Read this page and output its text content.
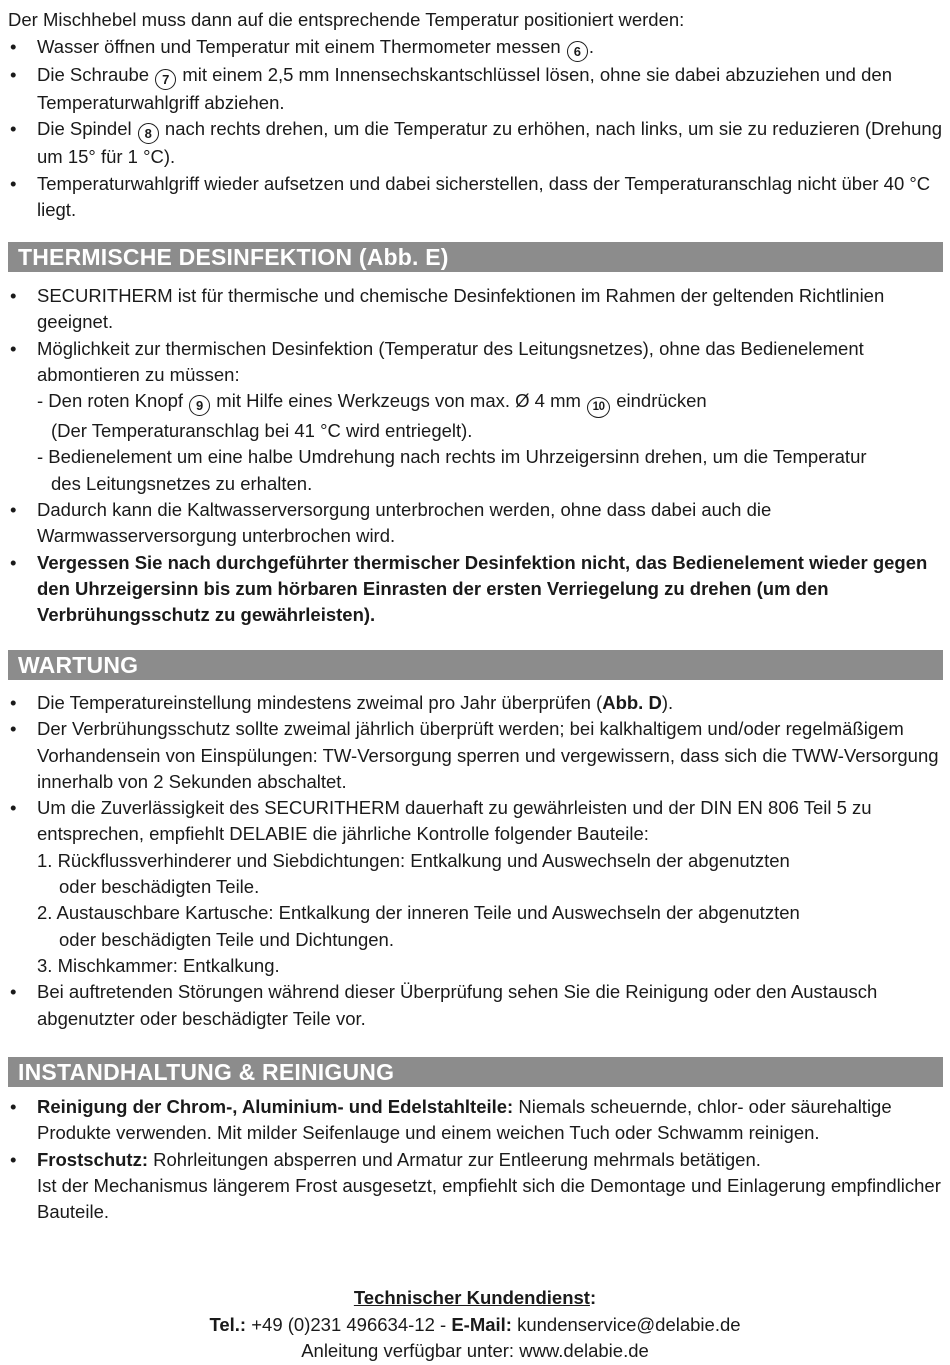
Der Mischhebel muss dann auf die entsprechende Temperatur positioniert werden:
• Wasser öffnen und Temperatur mit einem Thermometer messen 6 .
• Die Schraube 7 mit einem 2,5 mm Innensechskantschlüssel lösen, ohne sie dabei abzuziehen und den Temperaturwahlgriff abziehen.
• Die Spindel 8 nach rechts drehen, um die Temperatur zu erhöhen, nach links, um sie zu reduzieren (Drehung um 15° für 1 °C).
• Temperaturwahlgriff wieder aufsetzen und dabei sicherstellen, dass der Temperaturanschlag nicht über 40 °C liegt.
THERMISCHE DESINFEKTION (Abb. E)
• SECURITHERM ist für thermische und chemische Desinfektionen im Rahmen der geltenden Richtlinien geeignet.
• Möglichkeit zur thermischen Desinfektion (Temperatur des Leitungsnetzes), ohne das Bedienelement abmontieren zu müssen:
- Den roten Knopf 9 mit Hilfe eines Werkzeugs von max. Ø 4 mm 10 eindrücken
(Der Temperaturanschlag bei 41 °C wird entriegelt).
- Bedienelement um eine halbe Umdrehung nach rechts im Uhrzeigersinn drehen, um die Temperatur
des Leitungsnetzes zu erhalten.
• Dadurch kann die Kaltwasserversorgung unterbrochen werden, ohne dass dabei auch die Warmwasserversorgung unterbrochen wird.
• Vergessen Sie nach durchgeführter thermischer Desinfektion nicht, das Bedienelement wieder gegen den Uhrzeigersinn bis zum hörbaren Einrasten der ersten Verriegelung zu drehen (um den Verbrühungsschutz zu gewährleisten).
WARTUNG
• Die Temperatureinstellung mindestens zweimal pro Jahr überprüfen (Abb. D).
• Der Verbrühungsschutz sollte zweimal jährlich überprüft werden; bei kalkhaltigem und/oder regelmäßigem Vorhandensein von Einspülungen: TW-Versorgung sperren und vergewissern, dass sich die TWW-Versorgung innerhalb von 2 Sekunden abschaltet.
• Um die Zuverlässigkeit des SECURITHERM dauerhaft zu gewährleisten und der DIN EN 806 Teil 5 zu entsprechen, empfiehlt DELABIE die jährliche Kontrolle folgender Bauteile:
1. Rückflussverhinderer und Siebdichtungen: Entkalkung und Auswechseln der abgenutzten
oder beschädigten Teile.
2. Austauschbare Kartusche: Entkalkung der inneren Teile und Auswechseln der abgenutzten
oder beschädigten Teile und Dichtungen.
3. Mischkammer: Entkalkung.
• Bei auftretenden Störungen während dieser Überprüfung sehen Sie die Reinigung oder den Austausch abgenutzter oder beschädigter Teile vor.
INSTANDHALTUNG & REINIGUNG
• Reinigung der Chrom-, Aluminium- und Edelstahlteile: Niemals scheuernde, chlor- oder säurehaltige Produkte verwenden. Mit milder Seifenlauge und einem weichen Tuch oder Schwamm reinigen.
• Frostschutz: Rohrleitungen absperren und Armatur zur Entleerung mehrmals betätigen.
Ist der Mechanismus längerem Frost ausgesetzt, empfiehlt sich die Demontage und Einlagerung empfindlicher Bauteile.
Technischer Kundendienst:
Tel.: +49 (0)231 496634-12 - E-Mail: kundenservice@delabie.de
Anleitung verfügbar unter: www.delabie.de
